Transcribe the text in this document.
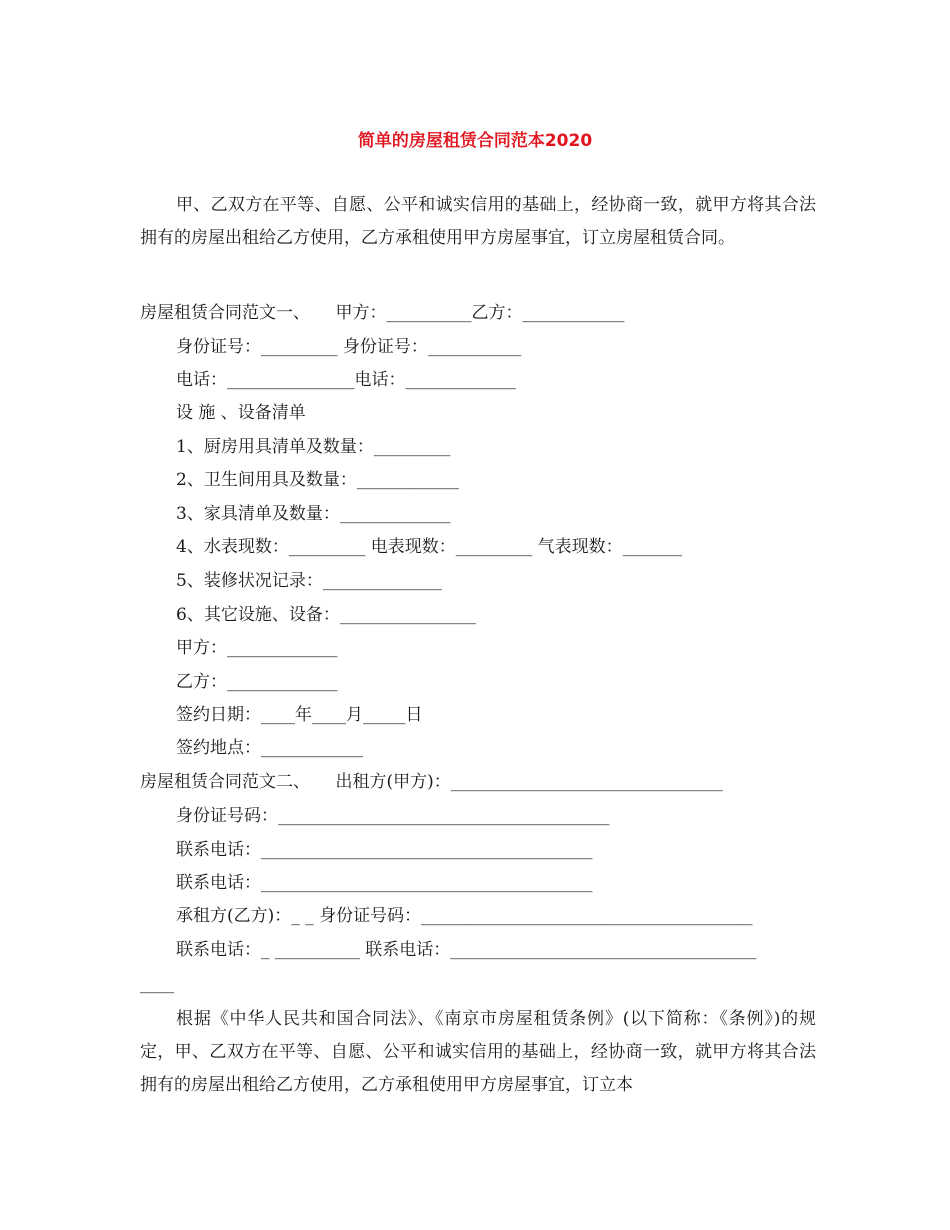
简单的房屋租赁合同范本2020
甲、乙双方在平等、自愿、公平和诚实信用的基础上，经协商一致，就甲方将其合法拥有的房屋出租给乙方使用，乙方承租使用甲方房屋事宜，订立房屋租赁合同。
房屋租赁合同范文一、　　甲方：__________乙方：____________
身份证号：_________ 身份证号：___________
电话：_______________电话：_____________
设 施 、设备清单
1、厨房用具清单及数量：_________
2、卫生间用具及数量：____________
3、家具清单及数量：_____________
4、水表现数：_________ 电表现数：_________ 气表现数：_______
5、装修状况记录：______________
6、其它设施、设备：________________
甲方：_____________
乙方：_____________
签约日期：____年____月_____日
签约地点：____________
房屋租赁合同范文二、　　出租方(甲方)：________________________________
身份证号码：_______________________________________
联系电话：_______________________________________
联系电话：_______________________________________
承租方(乙方)：_ _ 身份证号码：_______________________________________
联系电话：_ __________ 联系电话：____________________________________
____
根据《中华人民共和国合同法》、《南京市房屋租赁条例》(以下简称：《条例》)的规定，甲、乙双方在平等、自愿、公平和诚实信用的基础上，经协商一致，就甲方将其合法拥有的房屋出租给乙方使用，乙方承租使用甲方房屋事宜，订立本
